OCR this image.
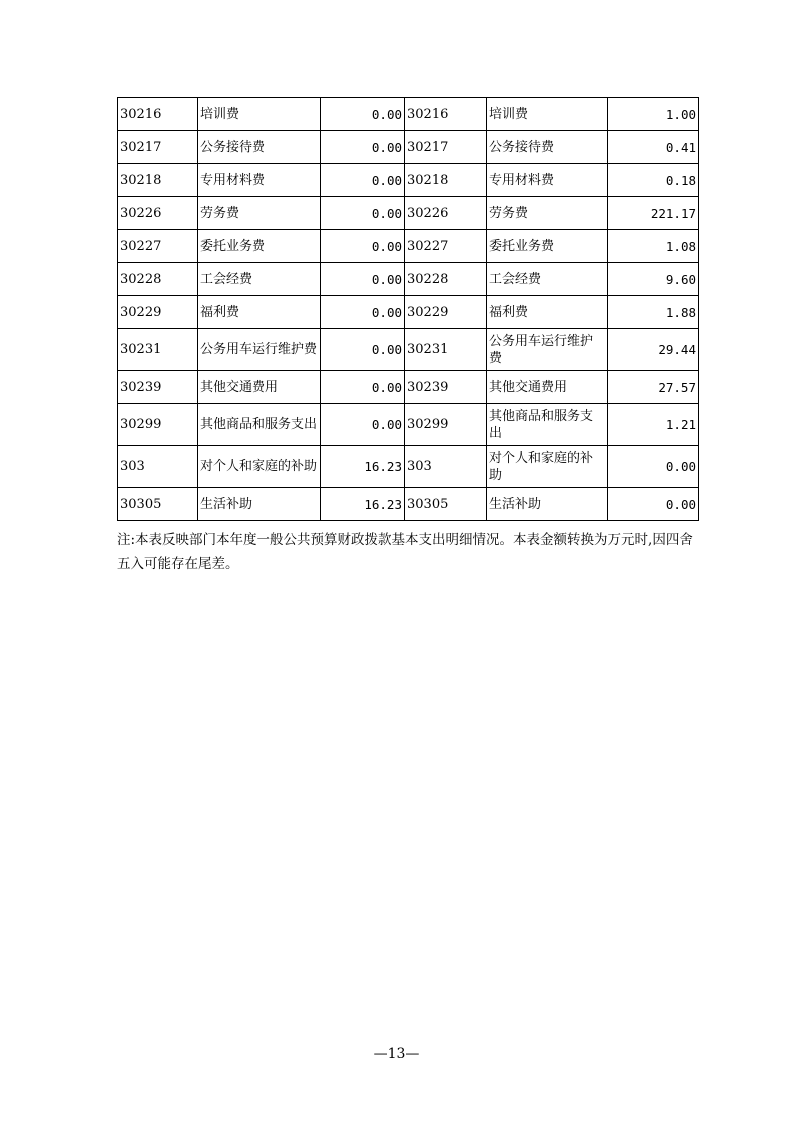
30216	培训费	0.00	30216	培训费	1.00
30217	公务接待费	0.00	30217	公务接待费	0.41
30218	专用材料费	0.00	30218	专用材料费	0.18
30226	劳务费	0.00	30226	劳务费	221.17
30227	委托业务费	0.00	30227	委托业务费	1.08
30228	工会经费	0.00	30228	工会经费	9.60
30229	福利费	0.00	30229	福利费	1.88
30231	公务用车运行维护费	0.00	30231	公务用车运行维护费	29.44
30239	其他交通费用	0.00	30239	其他交通费用	27.57
30299	其他商品和服务支出	0.00	30299	其他商品和服务支出	1.21
303	对个人和家庭的补助	16.23	303	对个人和家庭的补助	0.00
30305	生活补助	16.23	30305	生活补助	0.00
注:本表反映部门本年度一般公共预算财政拨款基本支出明细情况。本表金额转换为万元时,因四舍五入可能存在尾差。
—13—
